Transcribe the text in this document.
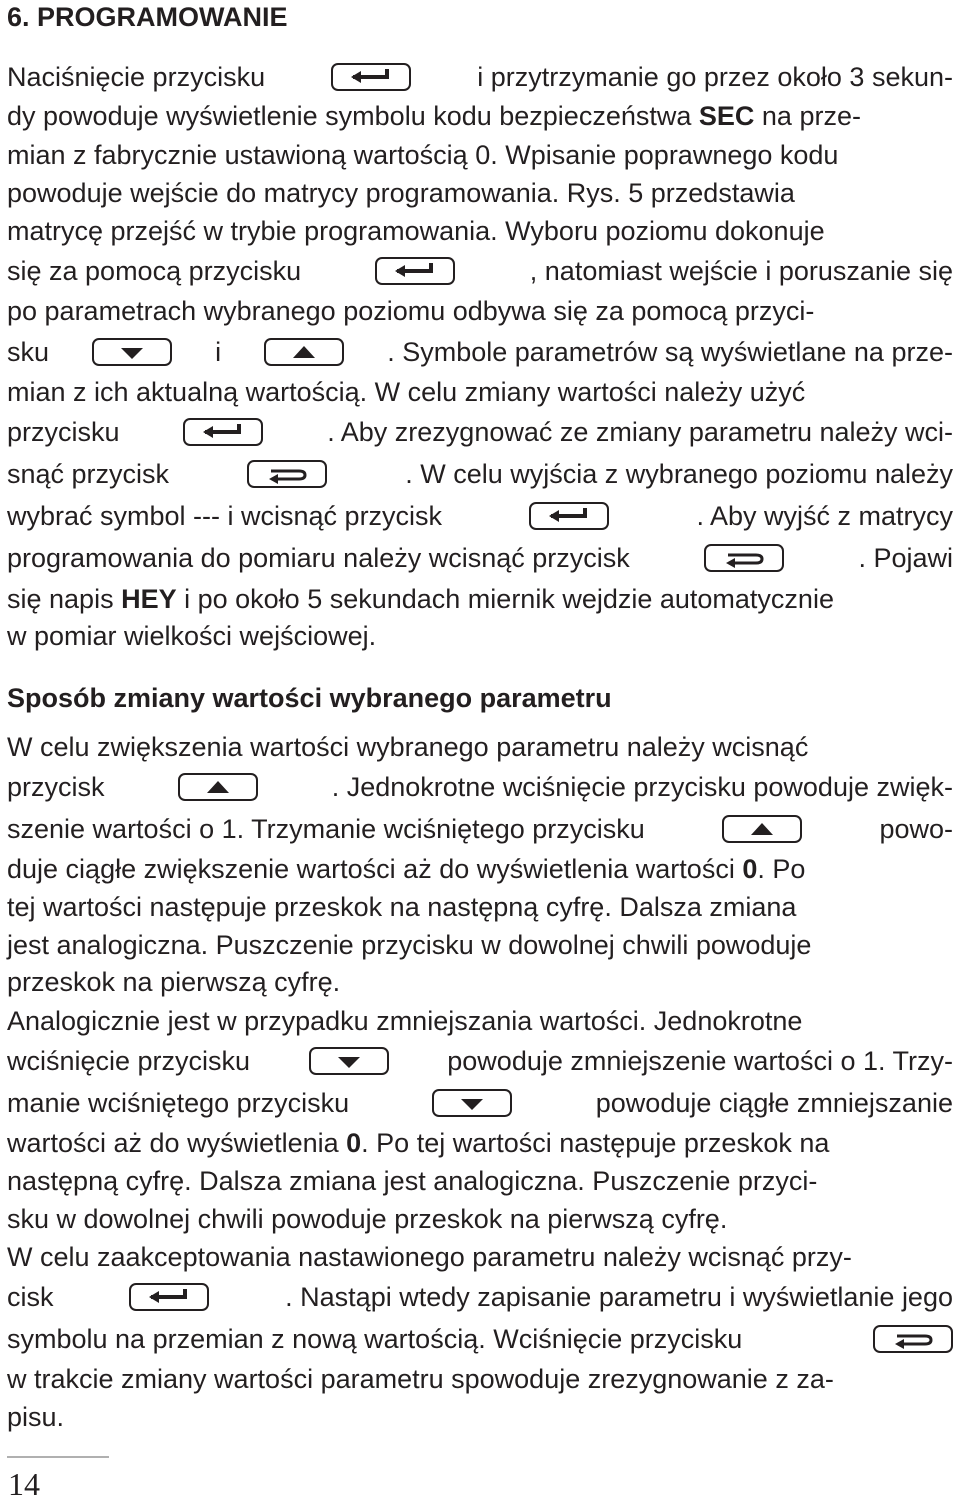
6. PROGRAMOWANIE
Sposób zmiany wartości wybranego parametru
Naciśnięcie przycisku	i przytrzymanie go przez około 3 sekun-
dy powoduje wyświetlenie symbolu kodu bezpieczeństwa SEC na prze-
mian z fabrycznie ustawioną wartością 0. Wpisanie poprawnego kodu
powoduje wejście do matrycy programowania. Rys. 5 przedstawia
matrycę przejść w trybie programowania. Wyboru poziomu dokonuje
się za pomocą przycisku	, natomiast wejście i poruszanie się
po parametrach wybranego poziomu odbywa się za pomocą przyci-
sku	i	. Symbole parametrów są wyświetlane na prze-
mian z ich aktualną wartością. W celu zmiany wartości należy użyć
przycisku	. Aby zrezygnować ze zmiany parametru należy wci-
snąć przycisk	. W celu wyjścia z wybranego poziomu należy
wybrać symbol --- i wcisnąć przycisk	. Aby wyjść z matrycy
programowania do pomiaru należy wcisnąć przycisk	. Pojawi
się napis HEY i po około 5 sekundach miernik wejdzie automatycznie
w pomiar wielkości wejściowej.
W celu zwiększenia wartości wybranego parametru należy wcisnąć
przycisk	. Jednokrotne wciśnięcie przycisku powoduje zwięk-
szenie wartości o 1. Trzymanie wciśniętego przycisku	powo-
duje ciągłe zwiększenie wartości aż do wyświetlenia wartości 0. Po
tej wartości następuje przeskok na następną cyfrę. Dalsza zmiana
jest analogiczna. Puszczenie przycisku w dowolnej chwili powoduje
przeskok na pierwszą cyfrę.
Analogicznie jest w przypadku zmniejszania wartości. Jednokrotne
wciśnięcie przycisku	powoduje zmniejszenie wartości o 1. Trzy-
manie wciśniętego przycisku	powoduje ciągłe zmniejszanie
wartości aż do wyświetlenia 0. Po tej wartości następuje przeskok na
następną cyfrę. Dalsza zmiana jest analogiczna. Puszczenie przyci-
sku w dowolnej chwili powoduje przeskok na pierwszą cyfrę.
W celu zaakceptowania nastawionego parametru należy wcisnąć przy-
cisk	. Nastąpi wtedy zapisanie parametru i wyświetlanie jego
symbolu na przemian z nową wartością. Wciśnięcie przycisku
w trakcie zmiany wartości parametru spowoduje zrezygnowanie z za-
pisu.
14
